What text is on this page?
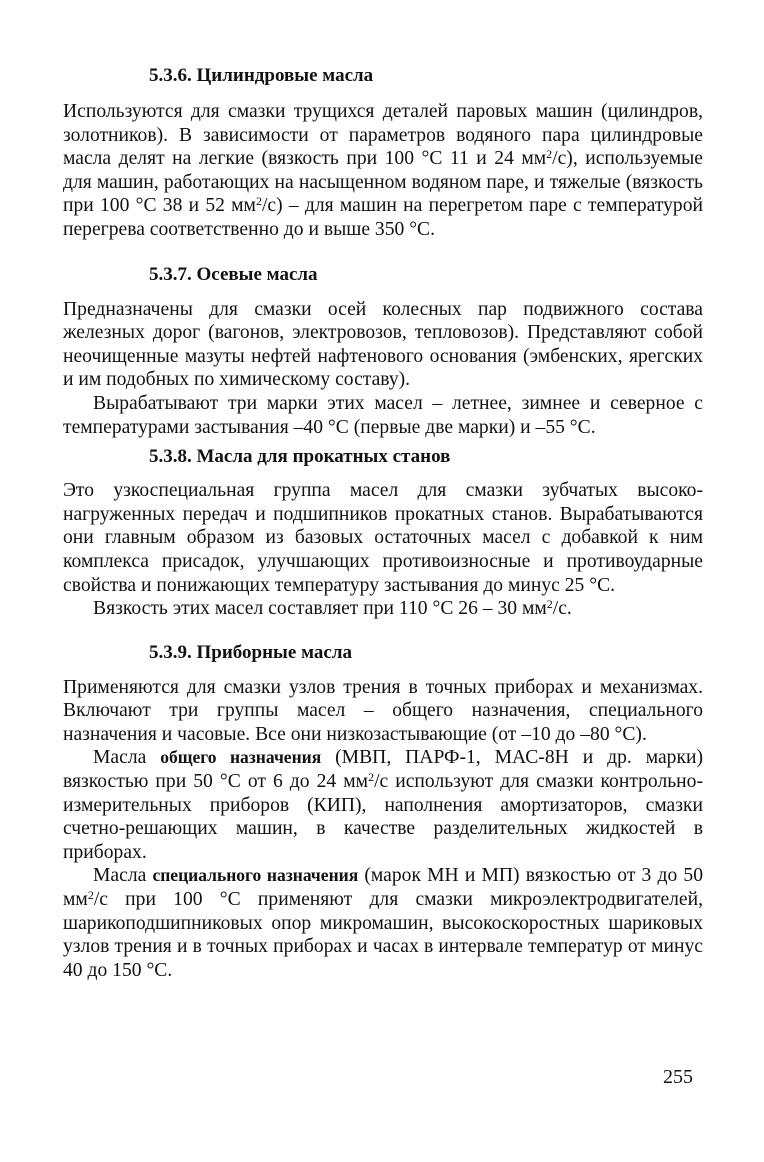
5.3.6. Цилиндровые масла

Используются для смазки трущихся деталей паровых машин (цилиндров, золотников). В зависимости от параметров водяного пара цилиндровые масла делят на легкие (вязкость при 100 °С 11 и 24 $мм^2/с$), используемые для машин, работающих на насыщенном водяном паре, и тяжелые (вязкость при 100 °С 38 и 52 $мм^2/с$) – для машин на перегретом паре с температурой перегрева соответственно до и выше 350 °С.

5.3.7. Осевые масла

Предназначены для смазки осей колесных пар подвижного состава железных дорог (вагонов, электровозов, тепловозов). Представляют собой неочищенные мазуты нефтей нафтенового основания (эмбенских, ярегских и им подобных по химическому составу).

Вырабатывают три марки этих масел – летнее, зимнее и северное с температурами застывания –40 °С (первые две марки) и –55 °С.

5.3.8. Масла для прокатных станов

Это узкоспециальная группа масел для смазки зубчатых высоконагруженных передач и подшипников прокатных станов. Вырабатываются они главным образом из базовых остаточных масел с добавкой к ним комплекса присадок, улучшающих противоизносные и противоударные свойства и понижающих температуру застывания до минус 25 °С.

Вязкость этих масел составляет при 110 °С 26 – 30 $мм^2/с$.

5.3.9. Приборные масла

Применяются для смазки узлов трения в точных приборах и механизмах. Включают три группы масел – общего назначения, специального назначения и часовые. Все они низкозастывающие (от –10 до –80 °С).

Масла общего назначения (МВП, ПАРФ-1, МАС-8Н и др. марки) вязкостью при 50 °С от 6 до 24 $мм^2/с$ используют для смазки контрольно-измерительных приборов (КИП), наполнения амортизаторов, смазки счетно-решающих машин, в качестве разделительных жидкостей в приборах.

Масла специального назначения (марок МН и МП) вязкостью от 3 до 50 $мм^2/с$ при 100 °С применяют для смазки микроэлектродвигателей, шарикоподшипниковых опор микромашин, высокоскоростных шариковых узлов трения и в точных приборах и часах в интервале температур от минус 40 до 150 °С.

255
